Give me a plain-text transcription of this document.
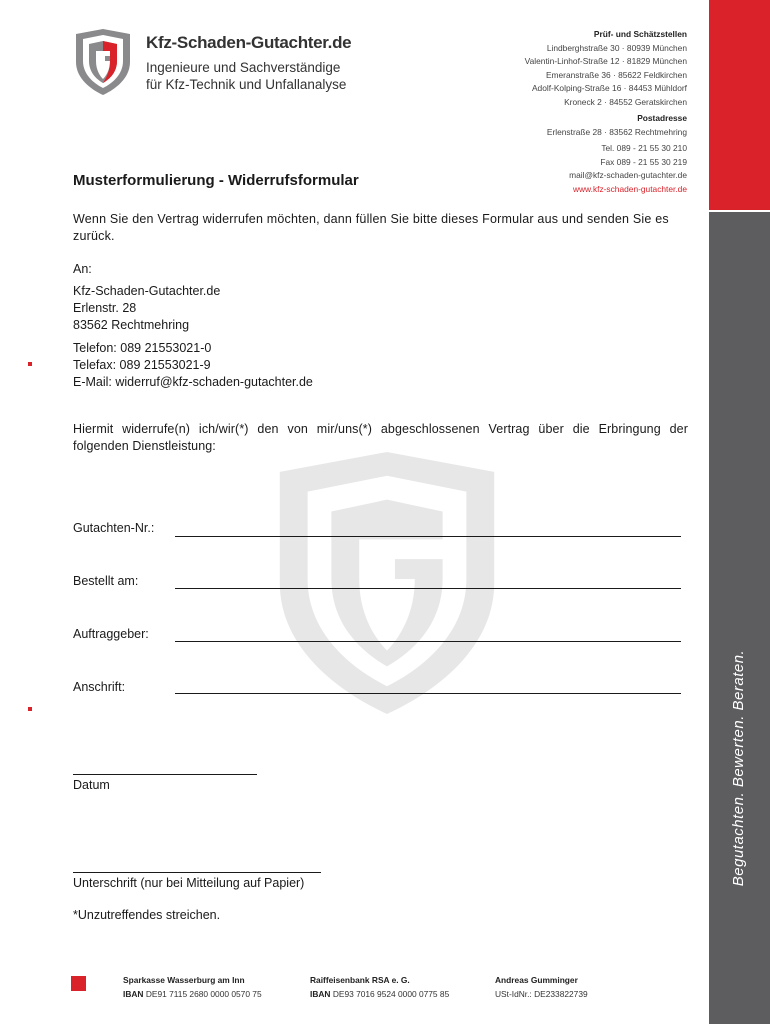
Begutachten. Bewerten. Beraten.
Kfz-Schaden-Gutachter.de
Ingenieure und Sachverständige
für Kfz-Technik und Unfallanalyse
Prüf- und Schätzstellen
Lindberghstraße 30 · 80939 München
Valentin-Linhof-Straße 12 · 81829 München
Emeranstraße 36 · 85622 Feldkirchen
Adolf-Kolping-Straße 16 · 84453 Mühldorf
Kroneck 2 · 84552 Geratskirchen
Postadresse
Erlenstraße 28 · 83562 Rechtmehring
Tel. 089 - 21 55 30 210
Fax 089 - 21 55 30 219
mail@kfz-schaden-gutachter.de
www.kfz-schaden-gutachter.de
Musterformulierung - Widerrufsformular
Wenn Sie den Vertrag widerrufen möchten, dann füllen Sie bitte dieses Formular aus und senden Sie es zurück.
An:
Kfz-Schaden-Gutachter.de
Erlenstr. 28
83562 Rechtmehring
Telefon: 089 21553021-0
Telefax: 089 21553021-9
E-Mail: widerruf@kfz-schaden-gutachter.de
Hiermit widerrufe(n) ich/wir(*) den von mir/uns(*) abgeschlossenen Vertrag über die Erbringung der folgenden Dienstleistung:
Gutachten-Nr.:
Bestellt am:
Auftraggeber:
Anschrift:
Datum
Unterschrift (nur bei Mitteilung auf Papier)
*Unzutreffendes streichen.
Sparkasse Wasserburg am Inn
IBAN DE91 7115 2680 0000 0570 75
Raiffeisenbank RSA e. G.
IBAN DE93 7016 9524 0000 0775 85
Andreas Gumminger
USt-IdNr.: DE233822739
